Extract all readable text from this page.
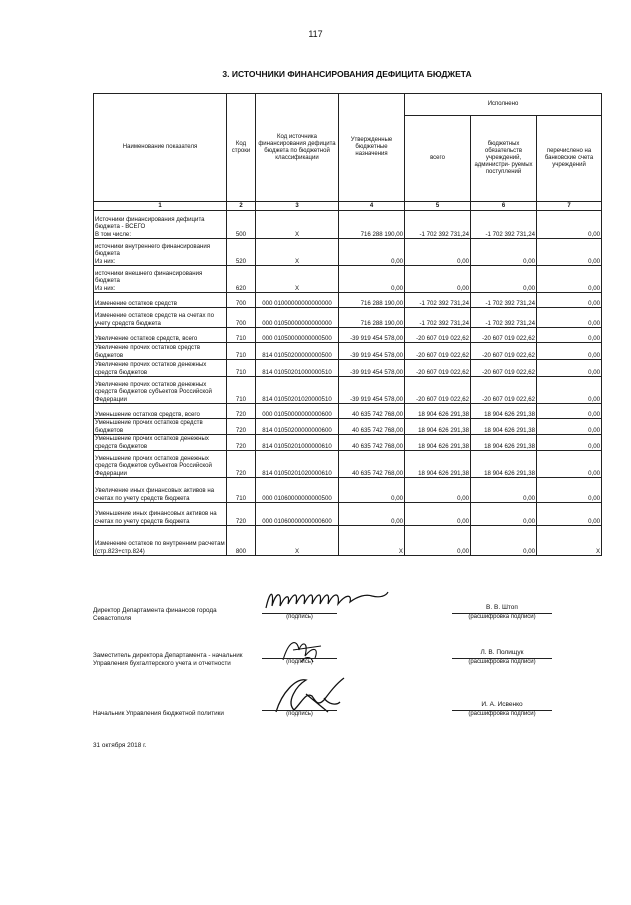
117
3. ИСТОЧНИКИ ФИНАНСИРОВАНИЯ ДЕФИЦИТА БЮДЖЕТА
Наименование показателя	Код строки	Код источника финансирования дефицита бюджета по бюджетной классификации	Утвержденные бюджетные назначения	Исполнено		
				всего	бюджетных обязательств учреждений, администри- руемых поступлений	перечислено на банковские счета учреждений
1	2	3	4	5	6	7
Источники финансирования дефицита бюджета - ВСЕГО
В том числе:	500	X	716 288 190,00	-1 702 392 731,24	-1 702 392 731,24	0,00
источники внутреннего финансирования бюджета
Из них:	520	X	0,00	0,00	0,00	0,00
источники внешнего финансирования бюджета
Из них:	620	X	0,00	0,00	0,00	0,00
Изменение остатков средств	700	000 01000000000000000	716 288 190,00	-1 702 392 731,24	-1 702 392 731,24	0,00
Изменение остатков средств на счетах по учету средств бюджета	700	000 01050000000000000	716 288 190,00	-1 702 392 731,24	-1 702 392 731,24	0,00
Увеличение остатков средств, всего	710	000 01050000000000500	-39 919 454 578,00	-20 607 019 022,62	-20 607 019 022,62	0,00
Увеличение прочих остатков средств бюджетов	710	814 01050200000000500	-39 919 454 578,00	-20 607 019 022,62	-20 607 019 022,62	0,00
Увеличение прочих остатков денежных средств бюджетов	710	814 01050201000000510	-39 919 454 578,00	-20 607 019 022,62	-20 607 019 022,62	0,00
Увеличение прочих остатков денежных средств бюджетов субъектов Российской Федерации	710	814 01050201020000510	-39 919 454 578,00	-20 607 019 022,62	-20 607 019 022,62	0,00
Уменьшение остатков средств, всего	720	000 01050000000000600	40 635 742 768,00	18 904 626 291,38	18 904 626 291,38	0,00
Уменьшение прочих остатков средств бюджетов	720	814 01050200000000600	40 635 742 768,00	18 904 626 291,38	18 904 626 291,38	0,00
Уменьшение прочих остатков денежных средств бюджетов	720	814 01050201000000610	40 635 742 768,00	18 904 626 291,38	18 904 626 291,38	0,00
Уменьшение прочих остатков денежных средств бюджетов субъектов Российской Федерации	720	814 01050201020000610	40 635 742 768,00	18 904 626 291,38	18 904 626 291,38	0,00
Увеличение иных финансовых активов на счетах по учету средств бюджета	710	000 01060000000000500	0,00	0,00	0,00	0,00
Уменьшение иных финансовых активов на счетах по учету средств бюджета	720	000 01060000000000600	0,00	0,00	0,00	0,00
Изменение остатков по внутренним расчетам (стр.823+стр.824)	800	X	X	0,00	0,00	X
Директор Департамента финансов города Севастополя	(подпись)
В. В. Штоп
(расшифровка подписи)
Заместитель директора Департамента - начальник Управления бухгалтерского учета и отчетности	(подпись)
Л. В. Полищук
(расшифровка подписи)
Начальник Управления бюджетной политики	(подпись)
И. А. Исвенко
(расшифровка подписи)
31 октября 2018 г.
